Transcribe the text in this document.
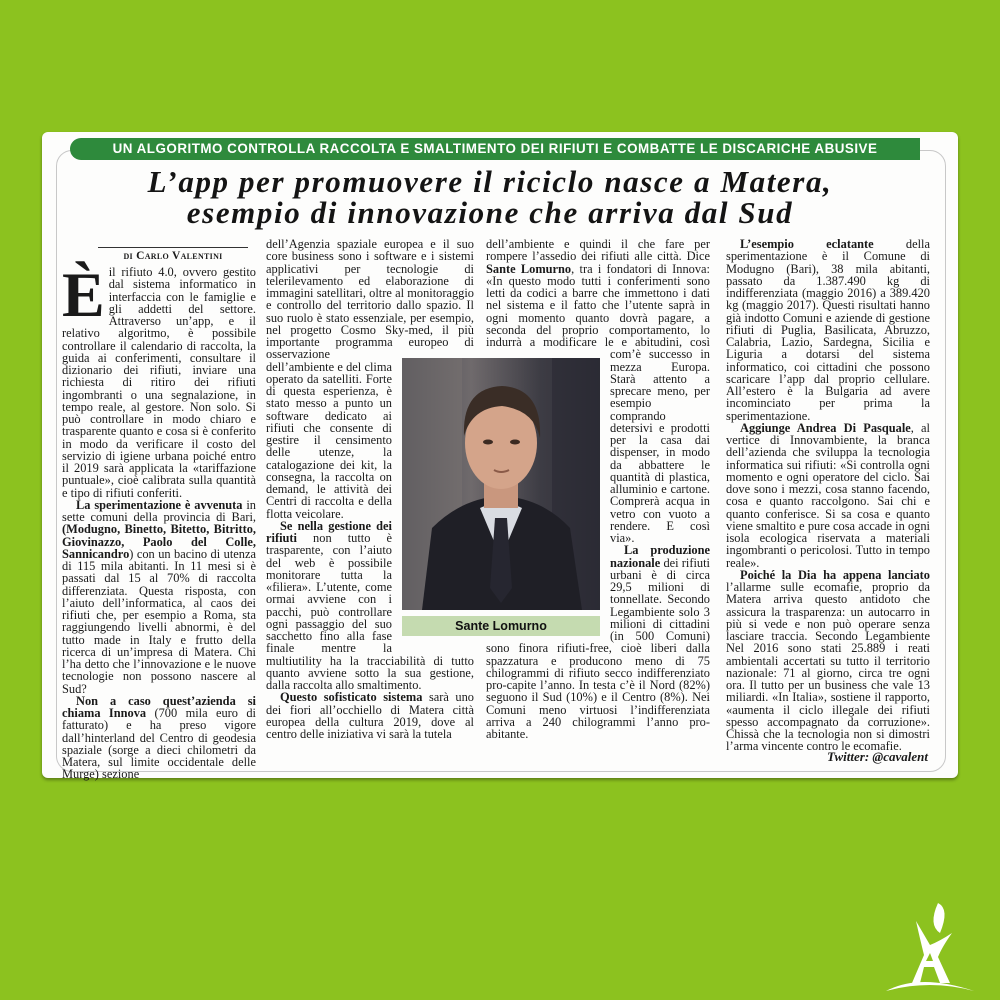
UN ALGORITMO CONTROLLA RACCOLTA E SMALTIMENTO DEI RIFIUTI E COMBATTE LE DISCARICHE ABUSIVE
L’app per promuovere il riciclo nasce a Matera,
esempio di innovazione che arriva dal Sud
di Carlo Valentini
È il rifiuto 4.0, ovvero gestito dal sistema informatico in interfaccia con le famiglie e gli addetti del settore. Attraverso un’app, e il relativo algoritmo, è possibile controllare il calendario di raccolta, la guida ai conferimenti, consultare il dizionario dei rifiuti, inviare una richiesta di ritiro dei rifiuti ingombranti o una segnalazione, in tempo reale, al gestore. Non solo. Si può controllare in modo chiaro e trasparente quanto e cosa si è conferito in modo da verificare il costo del servizio di igiene urbana poiché entro il 2019 sarà applicata la «tariffazione puntuale», cioè calibrata sulla quantità e tipo di rifiuti conferiti.

La sperimentazione è avvenuta in sette comuni della provincia di Bari, (Modugno, Binetto, Bitetto, Bitritto, Giovinazzo, Paolo del Colle, Sannicandro) con un bacino di utenza di 115 mila abitanti. In 11 mesi si è passati dal 15 al 70% di raccolta differenziata. Questa risposta, con l’aiuto dell’informatica, al caos dei rifiuti che, per esempio a Roma, sta raggiungendo livelli abnormi, è del tutto made in Italy e frutto della ricerca di un’impresa di Matera. Chi l’ha detto che l’innovazione e le nuove tecnologie non possono nascere al Sud?

Non a caso quest’azienda si chiama Innova (700 mila euro di fatturato) e ha preso vigore dall’hinterland del Centro di geodesia spaziale (sorge a dieci chilometri da Matera, sul limite occidentale delle Murge) sezione

dell’Agenzia spaziale europea e il suo core business sono i software e i sistemi applicativi per tecnologie di telerilevamento ed elaborazione di immagini satellitari, oltre al monitoraggio e controllo del territorio dallo spazio. Il suo ruolo è stato essenziale, per esempio, nel progetto Cosmo Sky-med, il più importante programma europeo di osservazione dell’ambiente e del clima operato da satelliti. Forte di questa esperienza, è stato messo a punto un software dedicato ai rifiuti che consente di gestire il censimento delle utenze, la catalogazione dei kit, la consegna, la raccolta on demand, le attività dei Centri di raccolta e della flotta veicolare.

Se nella gestione dei rifiuti non tutto è trasparente, con l’aiuto del web è possibile monitorare tutta la «filiera». L’utente, come ormai avviene con i pacchi, può controllare ogni passaggio del suo sacchetto fino alla fase finale mentre la multiutility ha la tracciabilità di tutto quanto avviene sotto la sua gestione, dalla raccolta allo smaltimento.

Questo sofisticato sistema sarà uno dei fiori all’occhiello di Matera città europea della cultura 2019, dove al centro delle iniziativa vi sarà la tutela

dell’ambiente e quindi il che fare per rompere l’assedio dei rifiuti alle città. Dice Sante Lomurno, tra i fondatori di Innova: «In questo modo tutti i conferimenti sono letti da codici a barre che immettono i dati nel sistema e il fatto che l’utente saprà in ogni momento quanto dovrà pagare, a seconda del proprio comportamento, lo indurrà a modificare le e abitudini, così com’è successo in mezza Europa. Starà attento a sprecare meno, per esempio comprando detersivi e prodotti per la casa dai dispenser, in modo da abbattere le quantità di plastica, alluminio e cartone. Comprerà acqua in vetro con vuoto a rendere. E così via».

La produzione nazionale dei rifiuti urbani è di circa 29,5 milioni di tonnellate. Secondo Legambiente solo 3 milioni di cittadini (in 500 Comuni) sono finora rifiuti-free, cioè liberi dalla spazzatura e producono meno di 75 chilogrammi di rifiuto secco indifferenziato pro-capite l’anno. In testa c’è il Nord (82%) seguono il Sud (10%) e il Centro (8%). Nei Comuni meno virtuosi l’indifferenziata arriva a 240 chilogrammi l’anno pro-abitante.

L’esempio eclatante della sperimentazione è il Comune di Modugno (Bari), 38 mila abitanti, passato da 1.387.490 kg di indifferenziata (maggio 2016) a 389.420 kg (maggio 2017). Questi risultati hanno già indotto Comuni e aziende di gestione rifiuti di Puglia, Basilicata, Abruzzo, Calabria, Lazio, Sardegna, Sicilia e Liguria a dotarsi del sistema informatico, coi cittadini che possono scaricare l’app dal proprio cellulare. All’estero è la Bulgaria ad avere incominciato per prima la sperimentazione.

Aggiunge Andrea Di Pasquale, al vertice di Innovambiente, la branca dell’azienda che sviluppa la tecnologia informatica sui rifiuti: «Si controlla ogni momento e ogni operatore del ciclo. Sai dove sono i mezzi, cosa stanno facendo, cosa e quanto raccolgono. Sai chi e quanto conferisce. Si sa cosa e quanto viene smaltito e pure cosa accade in ogni isola ecologica riservata a materiali ingombranti o pericolosi. Tutto in tempo reale».

Poiché la Dia ha appena lanciato l’allarme sulle ecomafie, proprio da Matera arriva questo antidoto che assicura la trasparenza: un autocarro in più si vede e non può operare senza lasciare traccia. Secondo Legambiente Nel 2016 sono stati 25.889 i reati ambientali accertati su tutto il territorio nazionale: 71 al giorno, circa tre ogni ora. Il tutto per un business che vale 13 miliardi. «In Italia», sostiene il rapporto, «aumenta il ciclo illegale dei rifiuti spesso accompagnato da corruzione». Chissà che la tecnologia non si dimostri l’arma vincente contro le ecomafie.

Sante Lomurno
Twitter: @cavalent
